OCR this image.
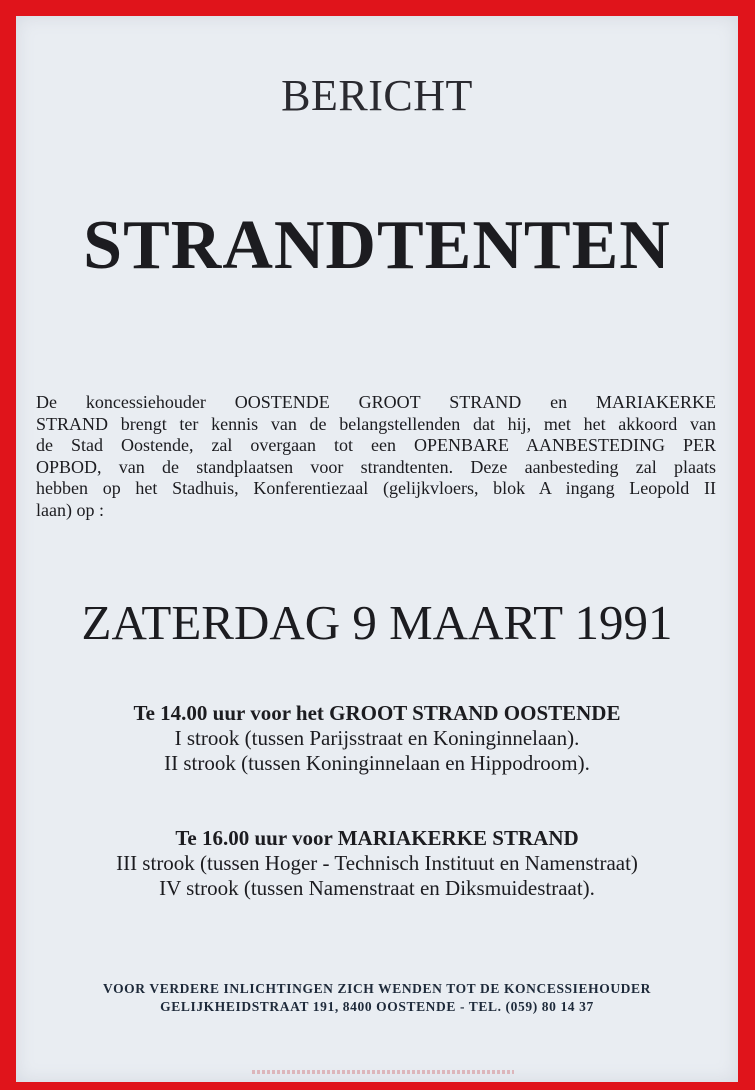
BERICHT
STRANDTENTEN
De koncessiehouder OOSTENDE GROOT STRAND en MARIAKERKE
STRAND brengt ter kennis van de belangstellenden dat hij, met het akkoord van
de Stad Oostende, zal overgaan tot een OPENBARE AANBESTEDING PER
OPBOD, van de standplaatsen voor strandtenten. Deze aanbesteding zal plaats
hebben op het Stadhuis, Konferentiezaal (gelijkvloers, blok A ingang Leopold II
laan) op :
ZATERDAG 9 MAART 1991
Te 14.00 uur voor het GROOT STRAND OOSTENDE
I strook (tussen Parijsstraat en Koninginnelaan).
II strook (tussen Koninginnelaan en Hippodroom).
Te 16.00 uur voor MARIAKERKE STRAND
III strook (tussen Hoger - Technisch Instituut en Namenstraat)
IV strook (tussen Namenstraat en Diksmuidestraat).
VOOR VERDERE INLICHTINGEN ZICH WENDEN TOT DE KONCESSIEHOUDER
GELIJKHEIDSTRAAT 191, 8400 OOSTENDE - TEL. (059) 80 14 37
